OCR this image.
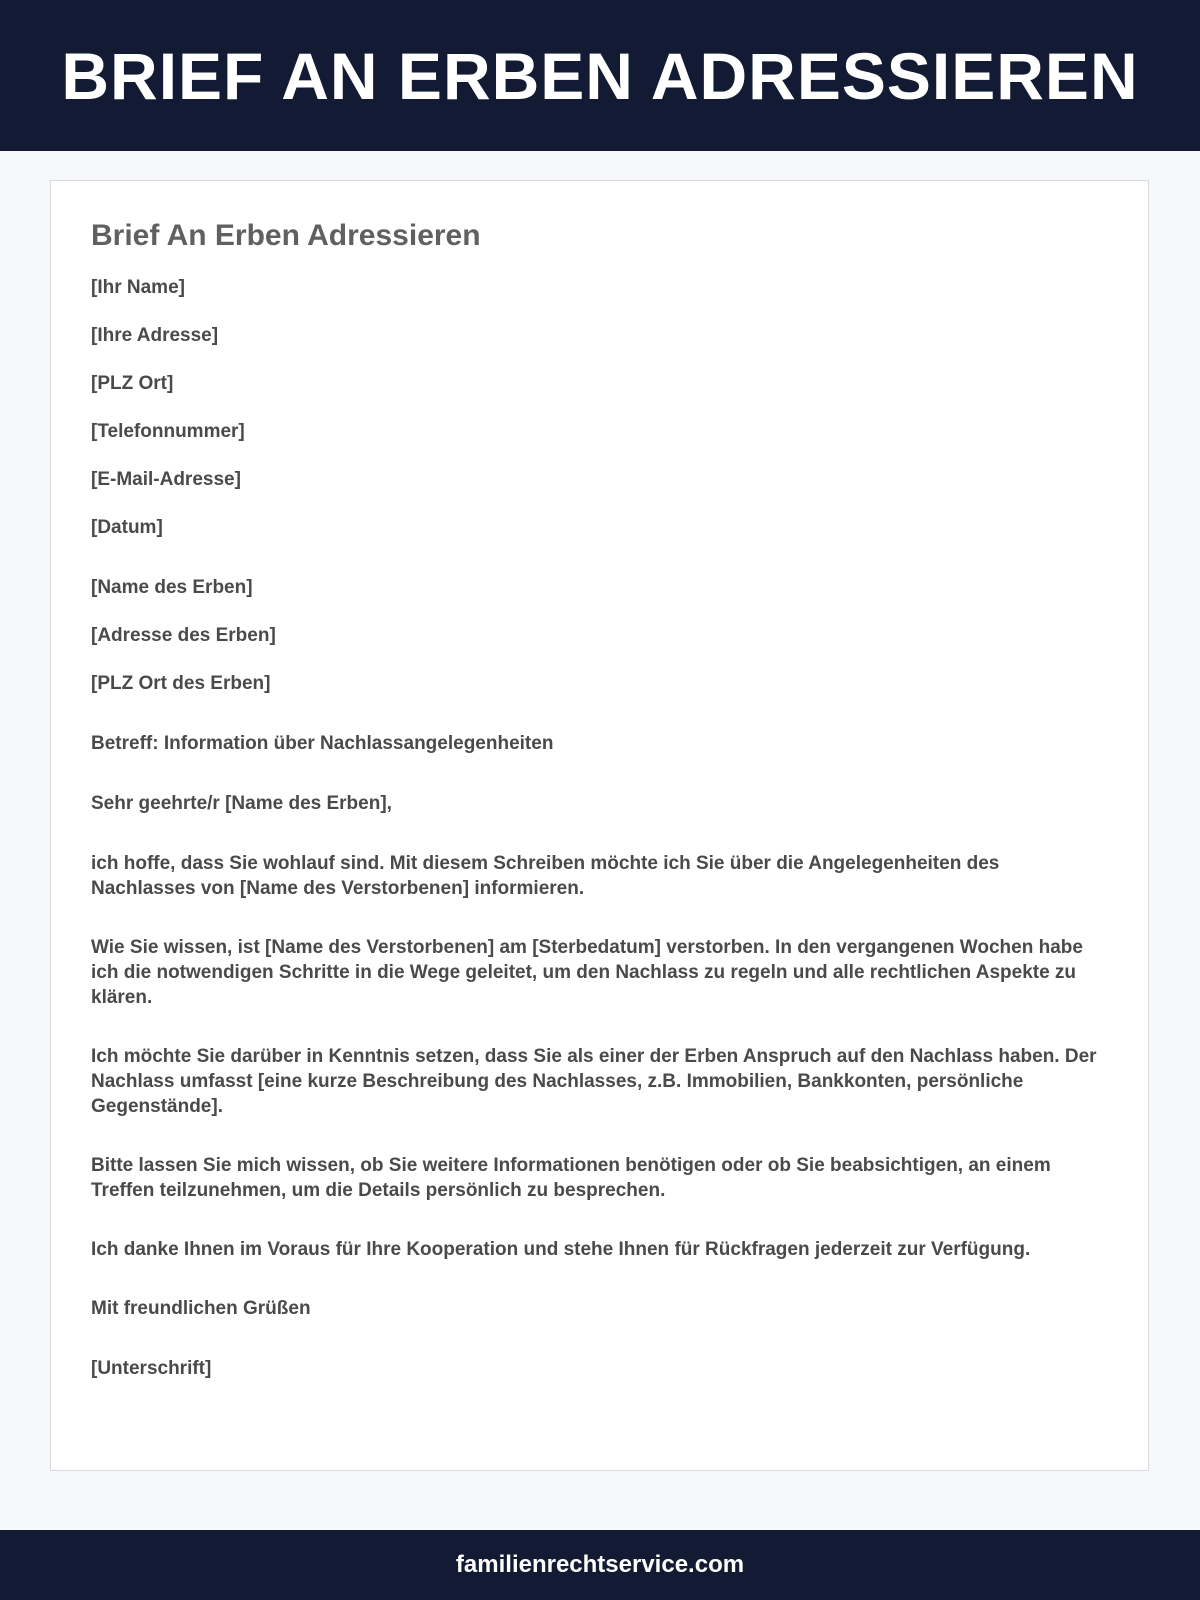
BRIEF AN ERBEN ADRESSIEREN
Brief An Erben Adressieren

[Ihr Name]

[Ihre Adresse]

[PLZ Ort]

[Telefonnummer]

[E-Mail-Adresse]

[Datum]

[Name des Erben]

[Adresse des Erben]

[PLZ Ort des Erben]

Betreff: Information über Nachlassangelegenheiten

Sehr geehrte/r [Name des Erben],

ich hoffe, dass Sie wohlauf sind. Mit diesem Schreiben möchte ich Sie über die Angelegenheiten des Nachlasses von [Name des Verstorbenen] informieren.

Wie Sie wissen, ist [Name des Verstorbenen] am [Sterbedatum] verstorben. In den vergangenen Wochen habe ich die notwendigen Schritte in die Wege geleitet, um den Nachlass zu regeln und alle rechtlichen Aspekte zu klären.

Ich möchte Sie darüber in Kenntnis setzen, dass Sie als einer der Erben Anspruch auf den Nachlass haben. Der Nachlass umfasst [eine kurze Beschreibung des Nachlasses, z.B. Immobilien, Bankkonten, persönliche Gegenstände].

Bitte lassen Sie mich wissen, ob Sie weitere Informationen benötigen oder ob Sie beabsichtigen, an einem Treffen teilzunehmen, um die Details persönlich zu besprechen.

Ich danke Ihnen im Voraus für Ihre Kooperation und stehe Ihnen für Rückfragen jederzeit zur Verfügung.

Mit freundlichen Grüßen

[Unterschrift]

familienrechtservice.com
